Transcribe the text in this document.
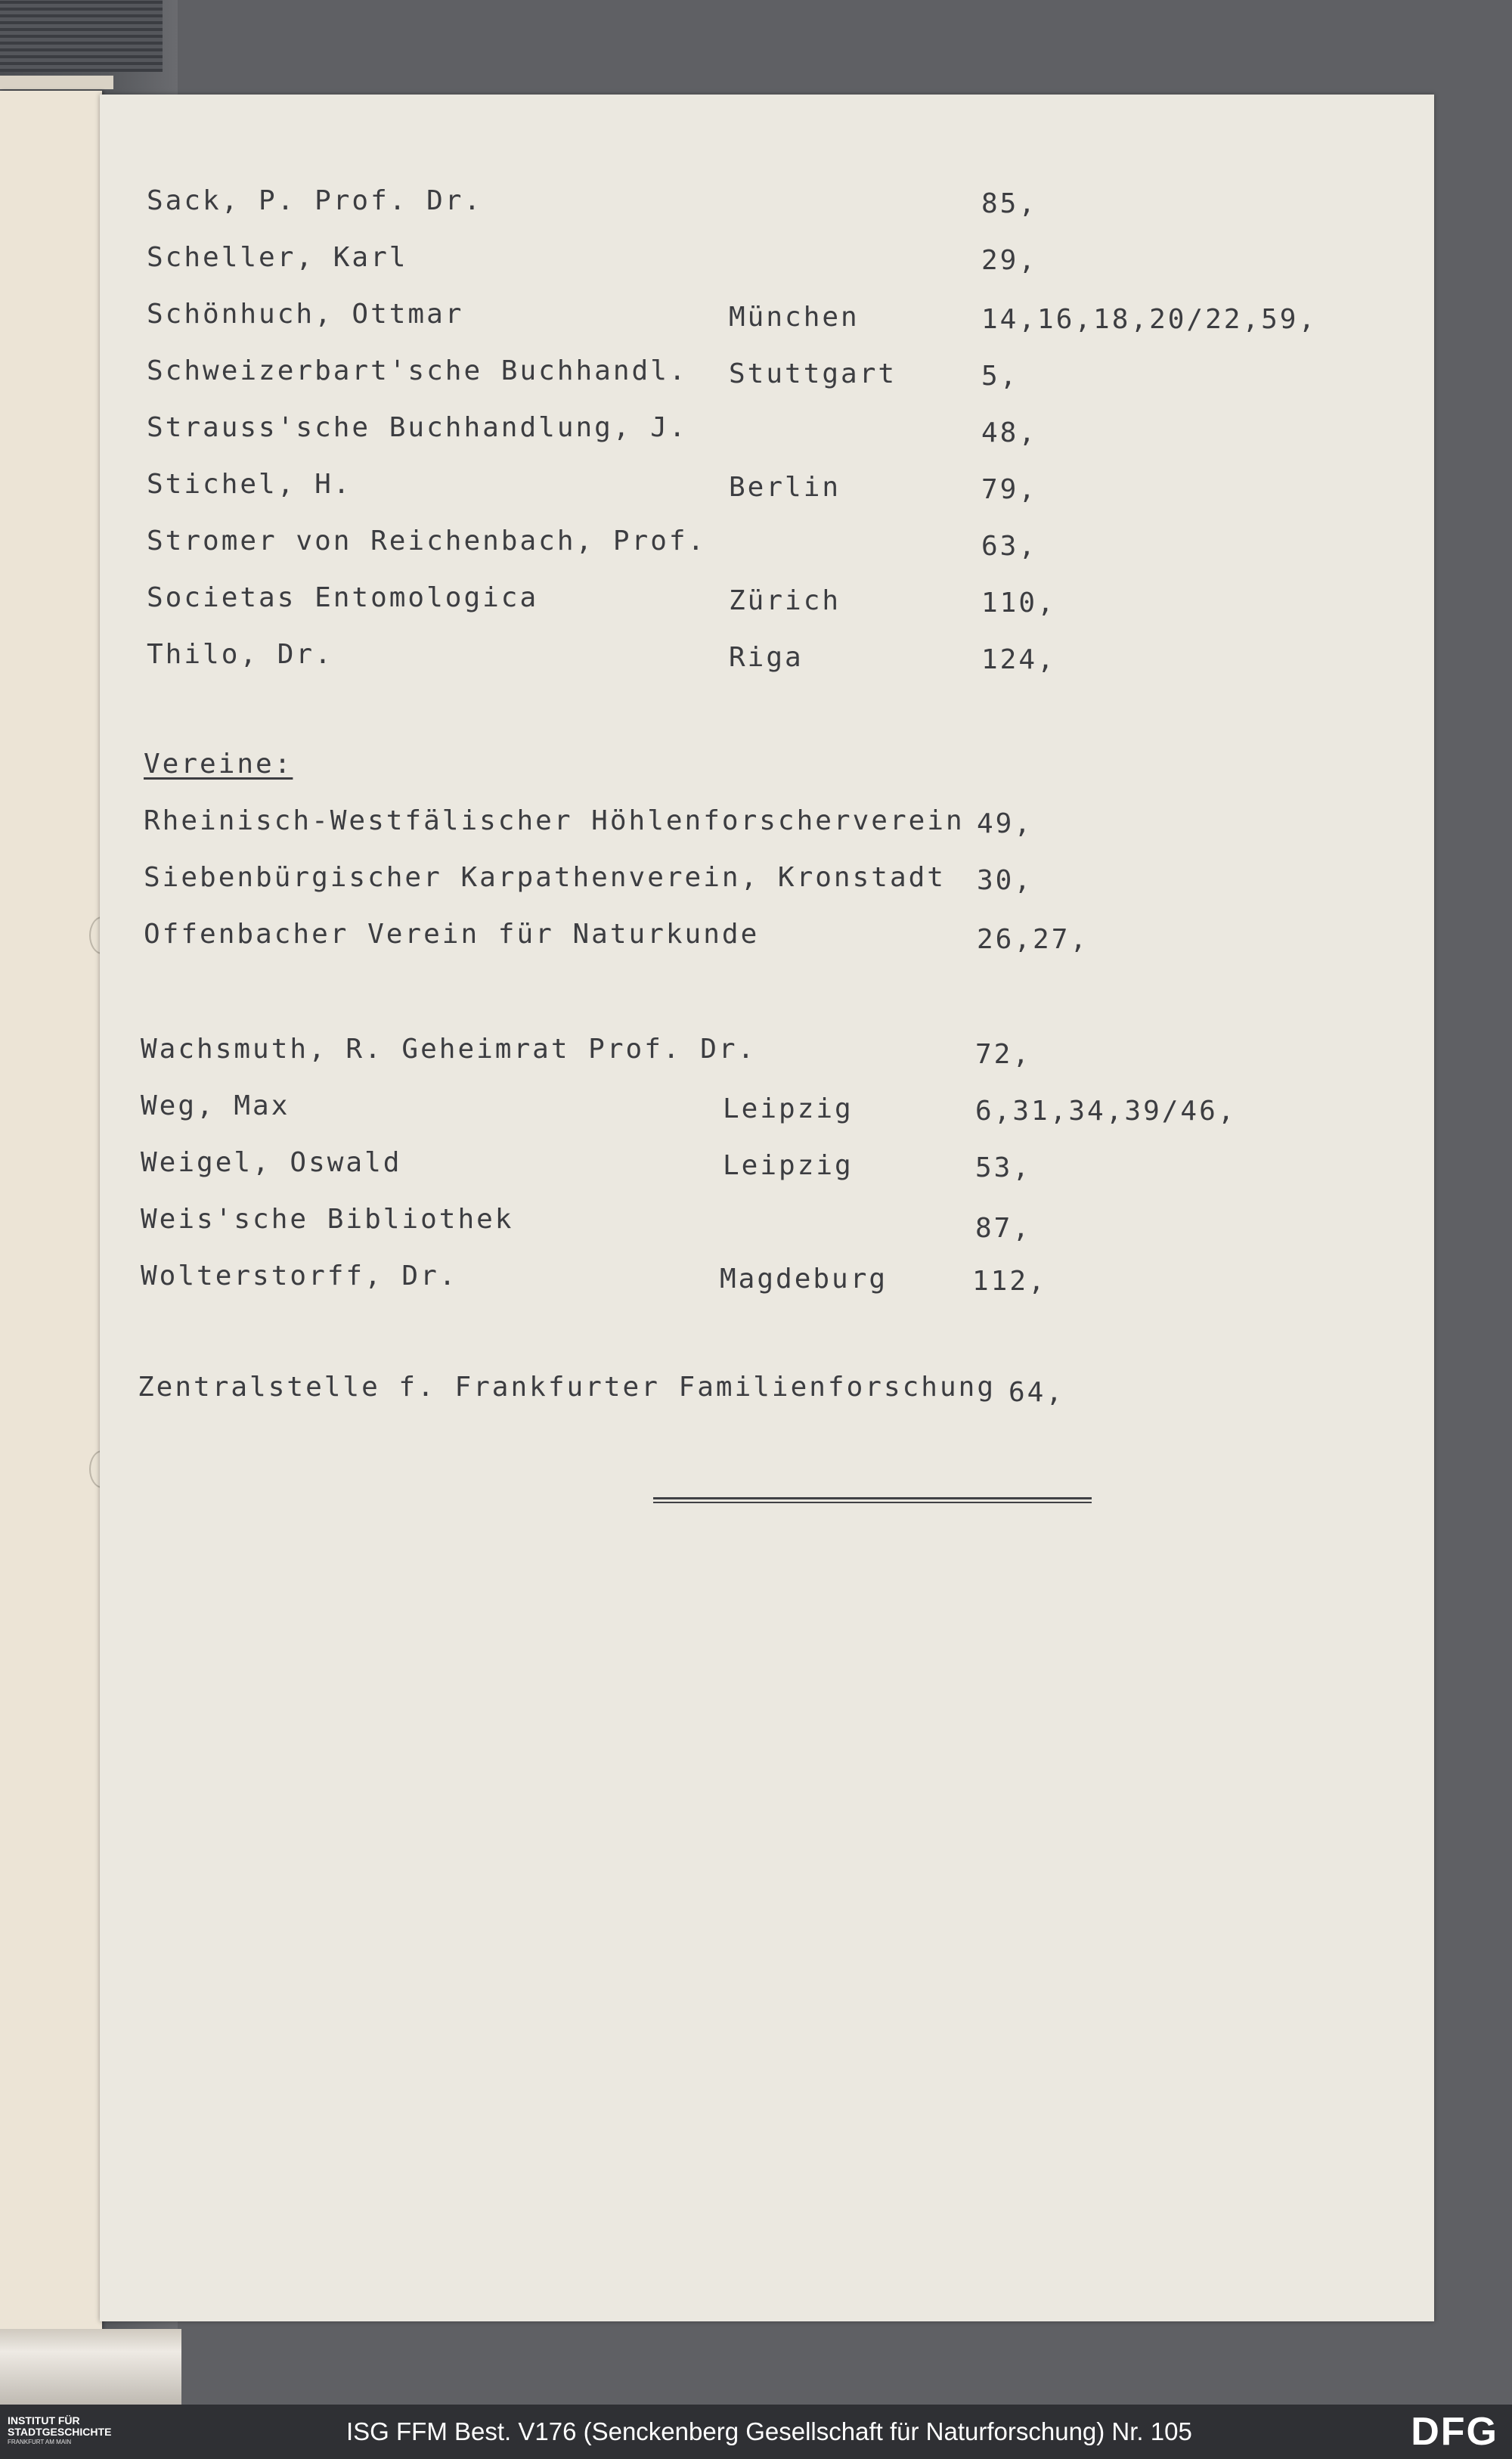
Sack, P. Prof. Dr.	85,
Scheller, Karl	29,
Schönhuch, Ottmar	München	14,16,18,20/22,59,
Schweizerbart'sche Buchhandl. Stuttgart	5,
Strauss'sche Buchhandlung, J.	48,
Stichel, H.	Berlin	79,
Stromer von Reichenbach, Prof.	63,
Societas Entomologica	Zürich	110,
Thilo, Dr.	Riga	124,
Vereine:
Rheinisch-Westfälischer Höhlenforscherverein 49,
Siebenbürgischer Karpathenverein, Kronstadt 30,
Offenbacher Verein für Naturkunde	26,27,
Wachsmuth, R. Geheimrat Prof. Dr.	72,
Weg, Max	Leipzig	6,31,34,39/46,
Weigel, Oswald	Leipzig	53,
Weis'sche Bibliothek	87,
Wolterstorff, Dr.	Magdeburg	112,
Zentralstelle f. Frankfurter Familienforschung 64,
INSTITUT FÜR
STADTGESCHICHTE
FRANKFURT AM MAIN	ISG FFM Best. V176 (Senckenberg Gesellschaft für Naturforschung) Nr. 105	DFG
